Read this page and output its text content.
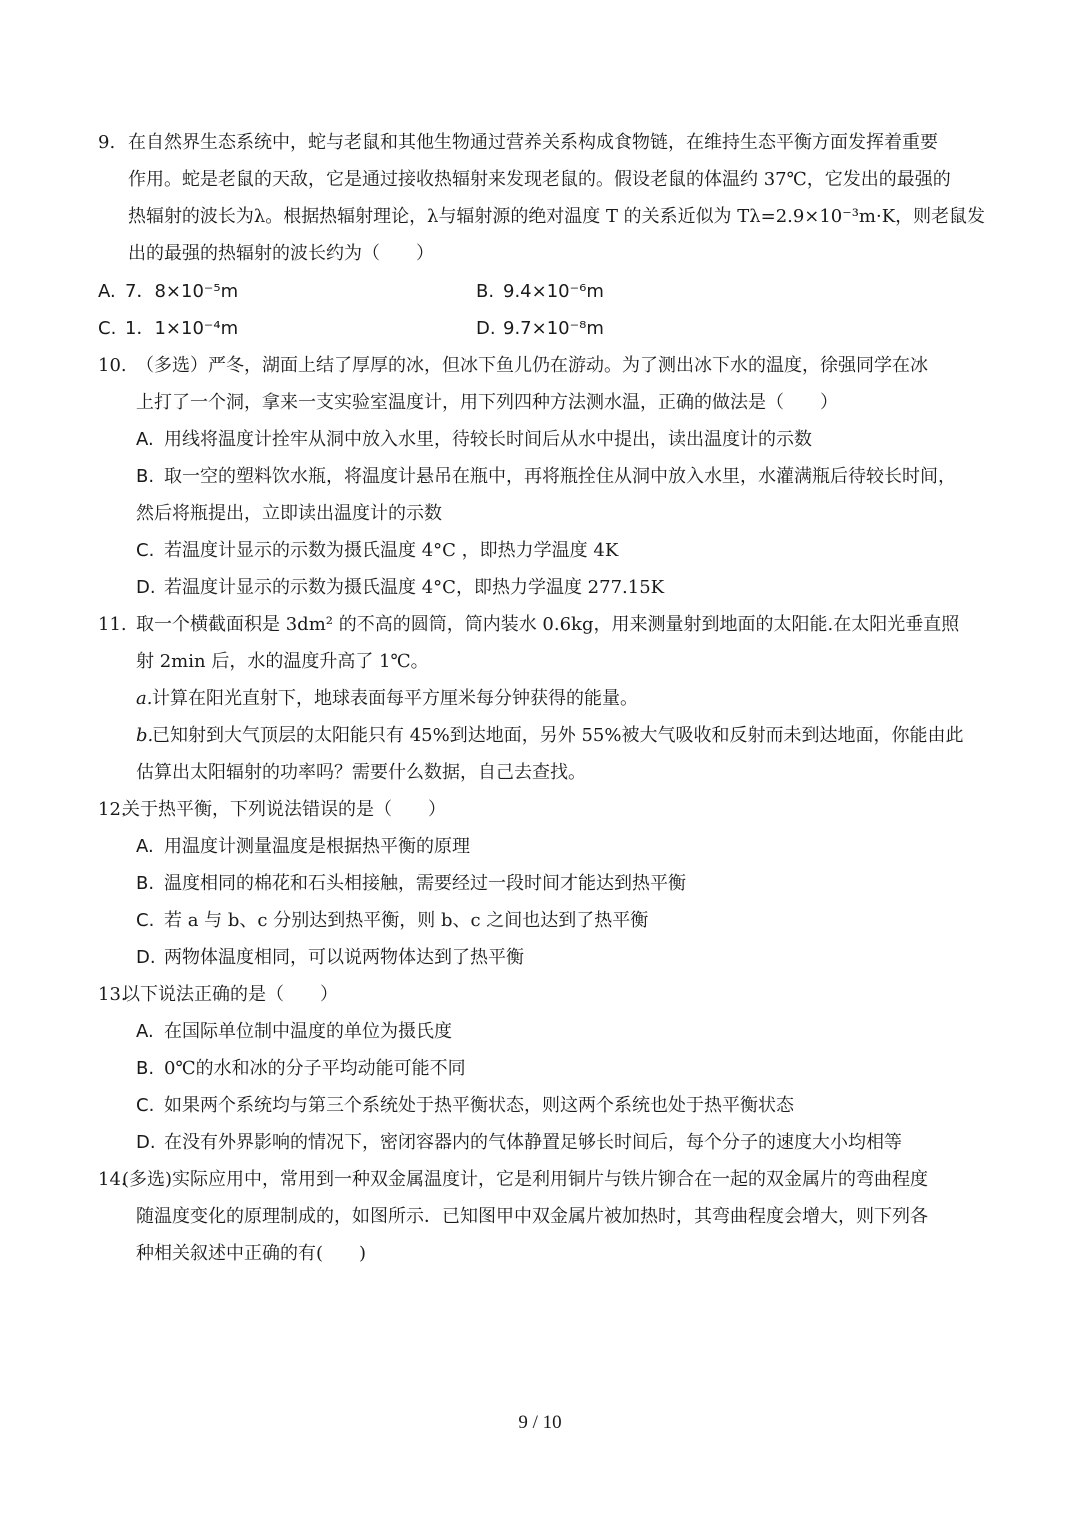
9. 在自然界生态系统中，蛇与老鼠和其他生物通过营养关系构成食物链，在维持生态平衡方面发挥着重要
作用。蛇是老鼠的天敌，它是通过接收热辐射来发现老鼠的。假设老鼠的体温约 37℃，它发出的最强的
热辐射的波长为λ。根据热辐射理论，λ与辐射源的绝对温度 T 的关系近似为 Tλ=2.9×10⁻³m·K，则老鼠发
出的最强的热辐射的波长约为（　　）
A. 7．8×10⁻⁵m	B. 9.4×10⁻⁶m
C. 1．1×10⁻⁴m	D. 9.7×10⁻⁸m
10. （多选）严冬，湖面上结了厚厚的冰，但冰下鱼儿仍在游动。为了测出冰下水的温度，徐强同学在冰
上打了一个洞，拿来一支实验室温度计，用下列四种方法测水温，正确的做法是（　　）
A. 用线将温度计拴牢从洞中放入水里，待较长时间后从水中提出，读出温度计的示数
B. 取一空的塑料饮水瓶，将温度计悬吊在瓶中，再将瓶拴住从洞中放入水里，水灌满瓶后待较长时间，
然后将瓶提出，立即读出温度计的示数
C. 若温度计显示的示数为摄氏温度 4°C ，即热力学温度 4K
D. 若温度计显示的示数为摄氏温度 4°C，即热力学温度 277.15K
11. 取一个横截面积是 3dm² 的不高的圆筒，筒内装水 0.6kg，用来测量射到地面的太阳能.在太阳光垂直照
射 2min 后，水的温度升高了 1℃。
a. 计算在阳光直射下，地球表面每平方厘米每分钟获得的能量。
b.
已知射到大气顶层的太阳能只有 45%到达地面，另外 55%被大气吸收和反射而未到达地面，你能由此
估算出太阳辐射的功率吗？需要什么数据，自己去查找。
12.
关于热平衡，下列说法错误的是（　　）
A. 用温度计测量温度是根据热平衡的原理
B. 温度相同的棉花和石头相接触，需要经过一段时间才能达到热平衡
C. 若 a 与 b、c 分别达到热平衡，则 b、c 之间也达到了热平衡
D. 两物体温度相同，可以说两物体达到了热平衡
13.
以下说法正确的是（　　）
A. 在国际单位制中温度的单位为摄氏度
B. 0℃的水和冰的分子平均动能可能不同
C. 如果两个系统均与第三个系统处于热平衡状态，则这两个系统也处于热平衡状态
D. 在没有外界影响的情况下，密闭容器内的气体静置足够长时间后，每个分子的速度大小均相等
14.
(多选)实际应用中，常用到一种双金属温度计，它是利用铜片与铁片铆合在一起的双金属片的弯曲程度
随温度变化的原理制成的，如图所示．已知图甲中双金属片被加热时，其弯曲程度会增大，则下列各
种相关叙述中正确的有(　　)
9 / 10
